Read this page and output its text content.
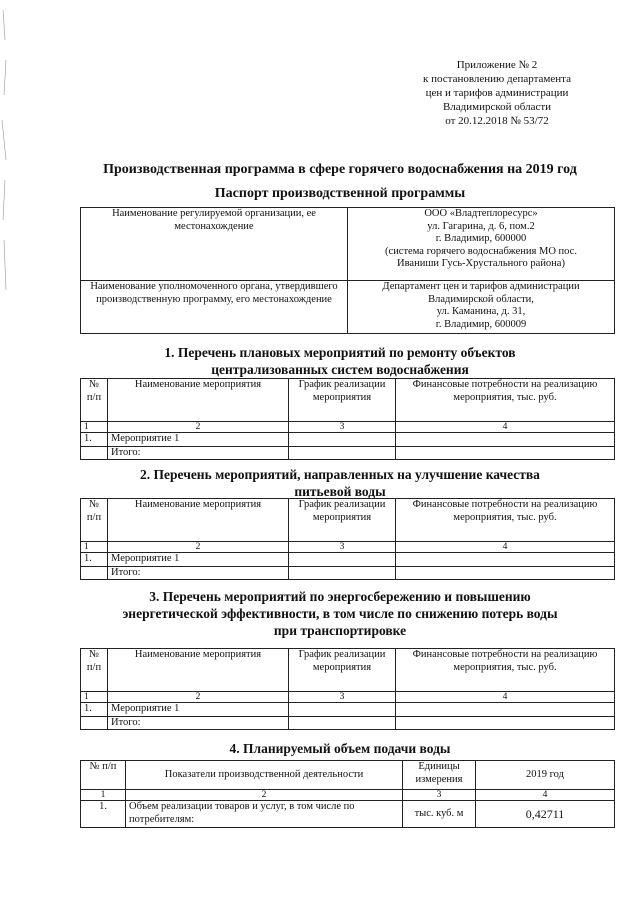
Приложение № 2
к постановлению департамента
цен и тарифов администрации
Владимирской области
от 20.12.2018 № 53/72
Производственная программа в сфере горячего водоснабжения на 2019 год
Паспорт производственной программы
Наименование регулируемой организации, ее местонахождение	ООО «Владтеплоресурс»
ул. Гагарина, д. 6, пом.2
г. Владимир, 600000
(система горячего водоснабжения МО пос.
Иваниши Гусь-Хрустального района)

Наименование уполномоченного органа, утвердившего производственную программу, его местонахождение	Департамент цен и тарифов администрации
Владимирской области,
ул. Каманина, д. 31,
г. Владимир, 600009
1. Перечень плановых мероприятий по ремонту объектов
централизованных систем водоснабжения
№ п/п	Наименование мероприятия	График реализации мероприятия	Финансовые потребности на реализацию мероприятия, тыс. руб.
1	2	3	4
1.	Мероприятие 1		
	Итого:		
2. Перечень мероприятий, направленных на улучшение качества
питьевой воды
№ п/п	Наименование мероприятия	График реализации мероприятия	Финансовые потребности на реализацию мероприятия, тыс. руб.
1	2	3	4
1.	Мероприятие 1		
	Итого:		
3. Перечень мероприятий по энергосбережению и повышению
энергетической эффективности, в том числе по снижению потерь воды
при транспортировке
№ п/п	Наименование мероприятия	График реализации мероприятия	Финансовые потребности на реализацию мероприятия, тыс. руб.
1	2	3	4
1.	Мероприятие 1		
	Итого:		
4. Планируемый объем подачи воды
№ п/п	Показатели производственной деятельности	Единицы измерения	2019 год
1	2	3	4
1.	Объем реализации товаров и услуг, в том числе по потребителям:	тыс. куб. м	0,42711
